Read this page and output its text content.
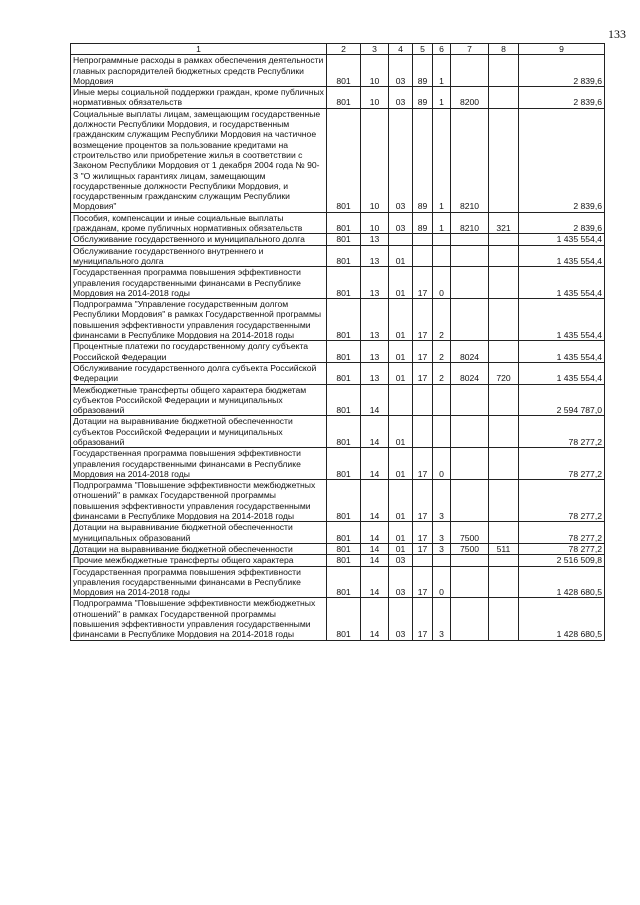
133
1	2	3	4	5	6	7	8	9
Непрограммные расходы в рамках обеспечения деятельности главных распорядителей бюджетных средств Республики Мордовия	801	10	03	89	1			2 839,6
Иные меры социальной поддержки граждан, кроме публичных нормативных обязательств	801	10	03	89	1	8200		2 839,6
Социальные выплаты лицам, замещающим государственные должности Республики Мордовия, и государственным гражданским служащим Республики Мордовия на частичное возмещение процентов за пользование кредитами на строительство или приобретение жилья в соответствии с Законом Республики Мордовия от 1 декабря 2004 года № 90-З "О жилищных гарантиях лицам, замещающим государственные должности Республики Мордовия, и государственным гражданским служащим Республики Мордовия"	801	10	03	89	1	8210		2 839,6
Пособия, компенсации и иные социальные выплаты гражданам, кроме публичных нормативных обязательств	801	10	03	89	1	8210	321	2 839,6
Обслуживание государственного и муниципального долга	801	13						1 435 554,4
Обслуживание государственного внутреннего и муниципального долга	801	13	01					1 435 554,4
Государственная программа повышения эффективности управления государственными финансами в Республике Мордовия на 2014-2018 годы	801	13	01	17	0			1 435 554,4
Подпрограмма "Управление государственным долгом Республики Мордовия" в рамках Государственной программы повышения эффективности управления государственными финансами в Республике Мордовия на 2014-2018 годы	801	13	01	17	2			1 435 554,4
Процентные платежи по государственному долгу субъекта Российской Федерации	801	13	01	17	2	8024		1 435 554,4
Обслуживание государственного долга субъекта Российской Федерации	801	13	01	17	2	8024	720	1 435 554,4
Межбюджетные трансферты общего характера бюджетам субъектов Российской Федерации и муниципальных образований	801	14						2 594 787,0
Дотации на выравнивание бюджетной обеспеченности субъектов Российской Федерации и муниципальных образований	801	14	01					78 277,2
Государственная программа повышения эффективности управления государственными финансами в Республике Мордовия на 2014-2018 годы	801	14	01	17	0			78 277,2
Подпрограмма "Повышение эффективности межбюджетных отношений" в рамках Государственной программы повышения эффективности управления государственными финансами в Республике Мордовия на 2014-2018 годы	801	14	01	17	3			78 277,2
Дотации на выравнивание бюджетной обеспеченности муниципальных образований	801	14	01	17	3	7500		78 277,2
Дотации на выравнивание бюджетной обеспеченности	801	14	01	17	3	7500	511	78 277,2
Прочие межбюджетные трансферты общего характера	801	14	03					2 516 509,8
Государственная программа повышения эффективности управления государственными финансами в Республике Мордовия на 2014-2018 годы	801	14	03	17	0			1 428 680,5
Подпрограмма "Повышение эффективности межбюджетных отношений" в рамках Государственной программы повышения эффективности управления государственными финансами в Республике Мордовия на 2014-2018 годы	801	14	03	17	3			1 428 680,5
